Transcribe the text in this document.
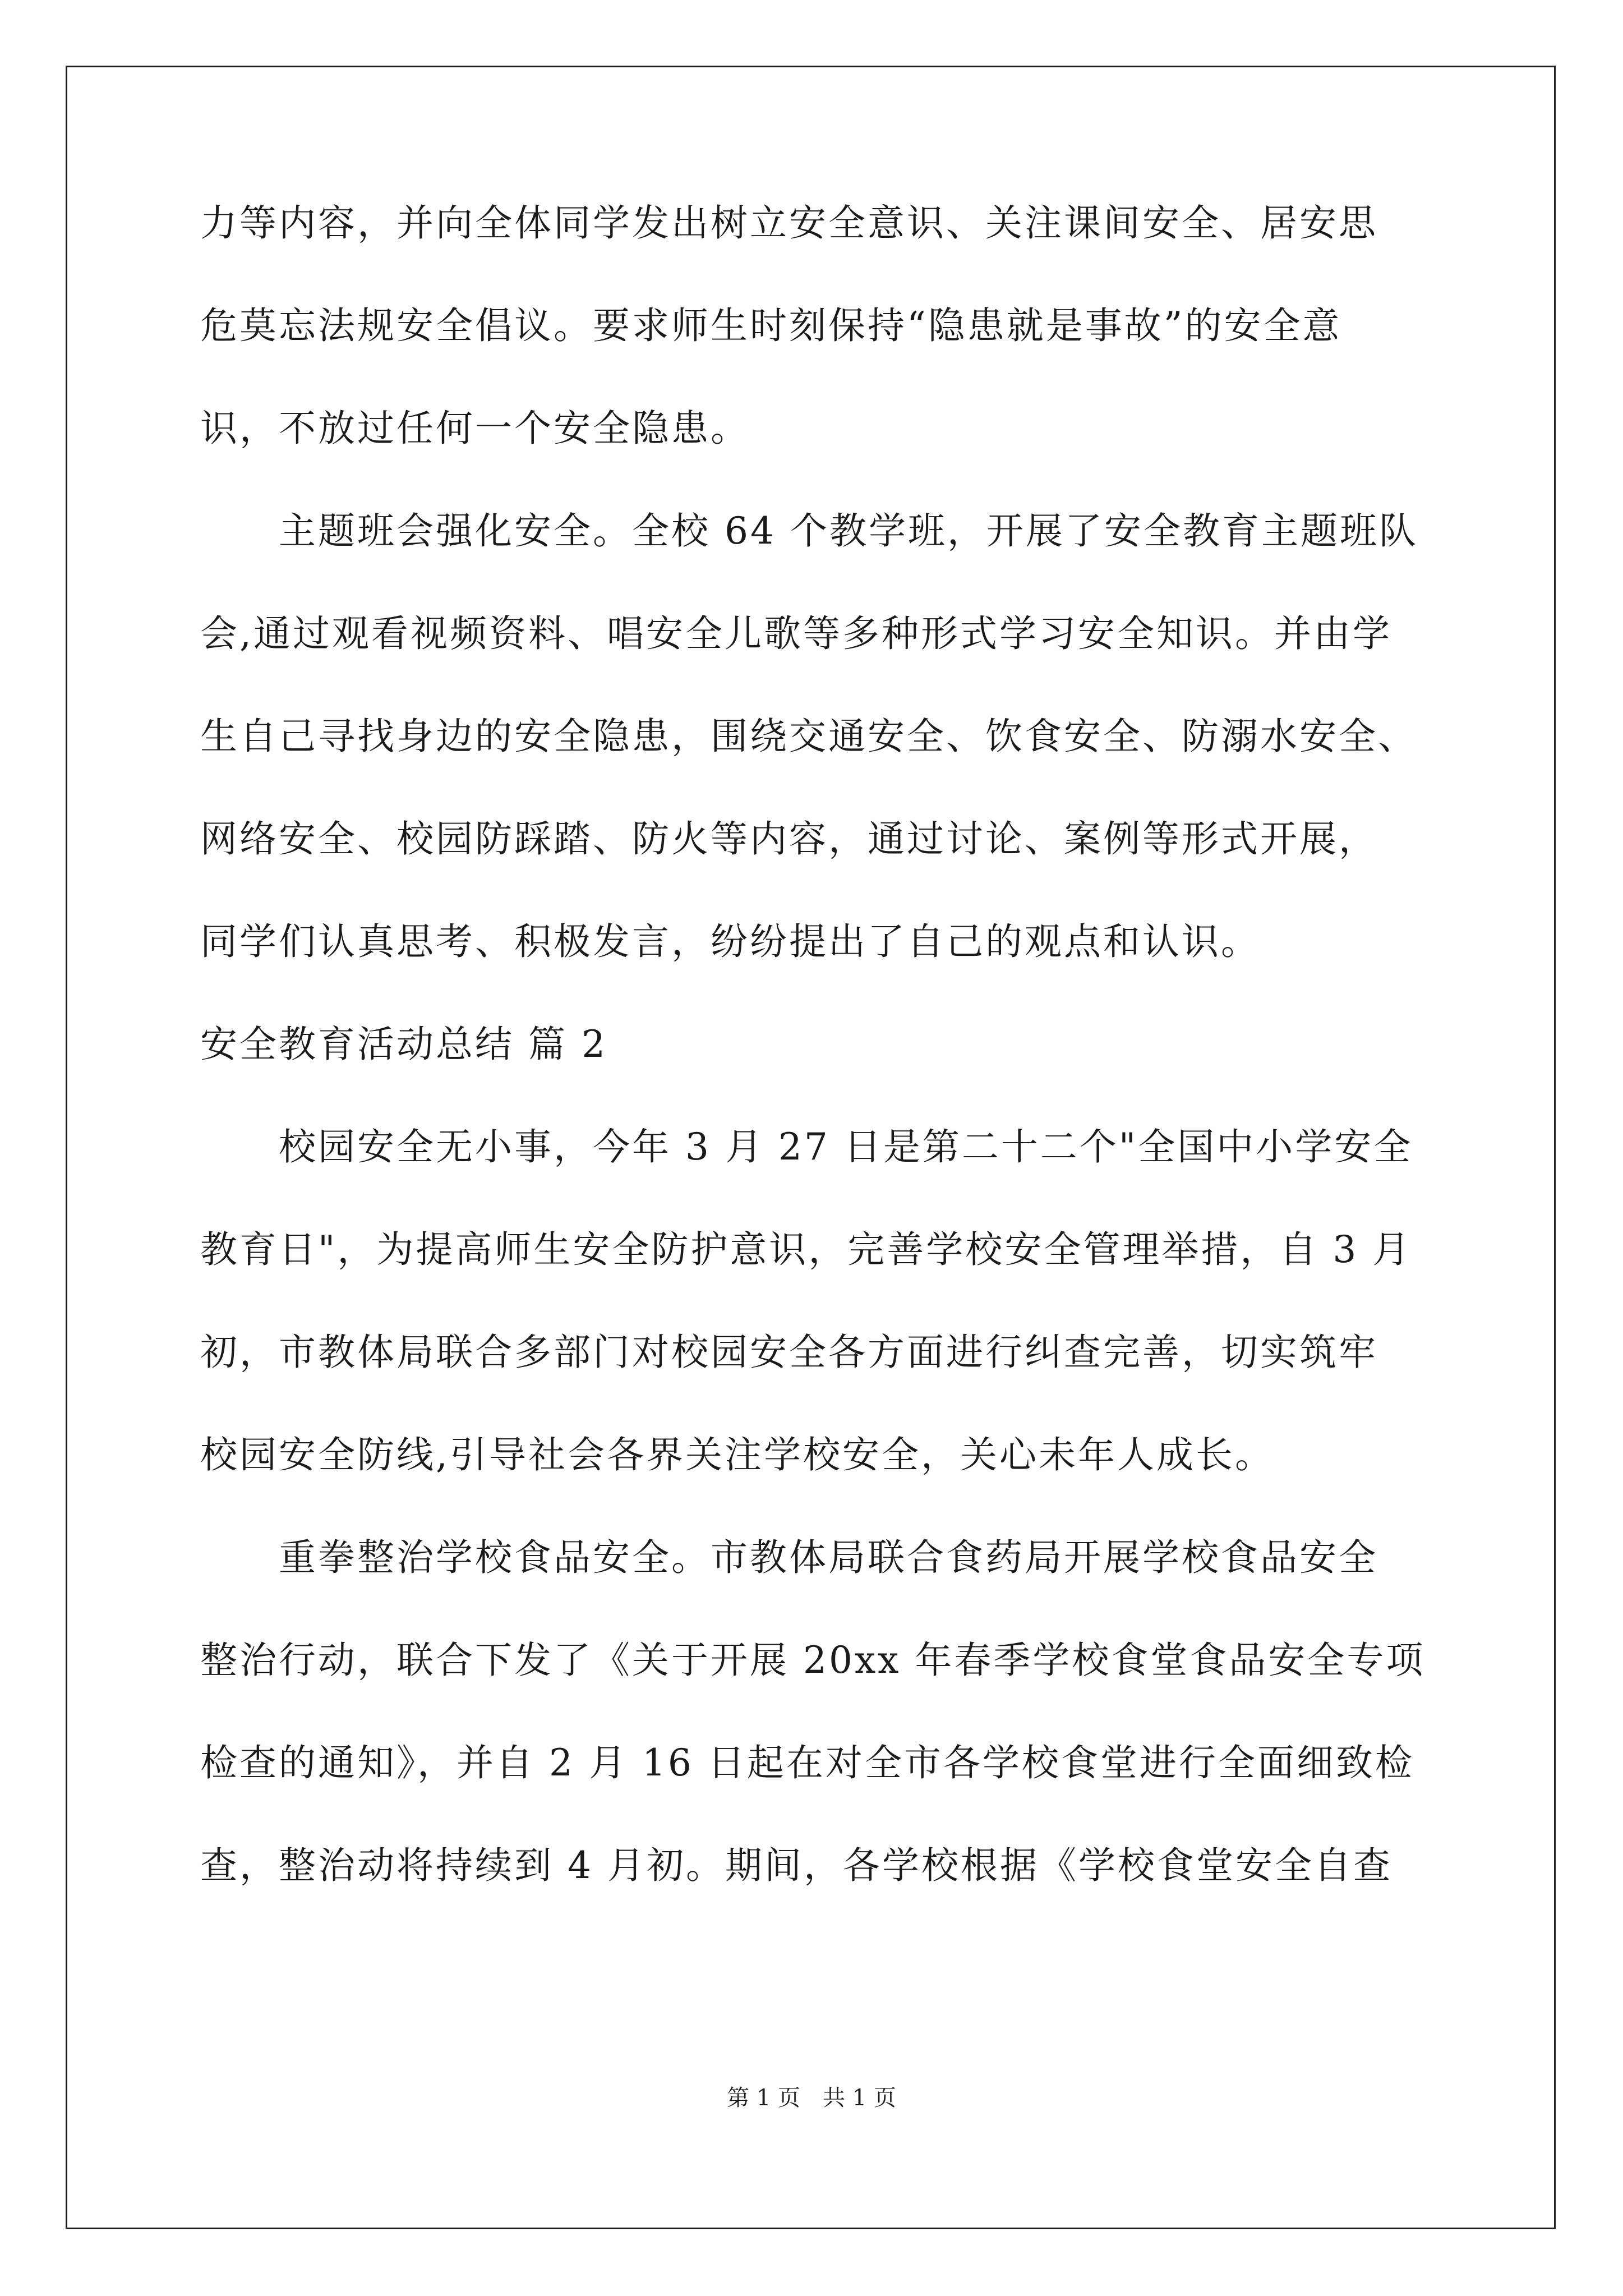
力等内容，并向全体同学发出树立安全意识、关注课间安全、居安思
危莫忘法规安全倡议。要求师生时刻保持“隐患就是事故”的安全意
识，不放过任何一个安全隐患。
主题班会强化安全。全校 64 个教学班，开展了安全教育主题班队
会,通过观看视频资料、唱安全儿歌等多种形式学习安全知识。并由学
生自己寻找身边的安全隐患，围绕交通安全、饮食安全、防溺水安全、
网络安全、校园防踩踏、防火等内容，通过讨论、案例等形式开展，
同学们认真思考、积极发言，纷纷提出了自己的观点和认识。
安全教育活动总结 篇 2
校园安全无小事，今年 3 月 27 日是第二十二个"全国中小学安全
教育日"，为提高师生安全防护意识，完善学校安全管理举措，自 3 月
初，市教体局联合多部门对校园安全各方面进行纠查完善，切实筑牢
校园安全防线,引导社会各界关注学校安全，关心未年人成长。
重拳整治学校食品安全。市教体局联合食药局开展学校食品安全
整治行动，联合下发了《关于开展 20xx 年春季学校食堂食品安全专项
检查的通知》，并自 2 月 16 日起在对全市各学校食堂进行全面细致检
查，整治动将持续到 4 月初。期间，各学校根据《学校食堂安全自查
第 1 页 共 1 页
